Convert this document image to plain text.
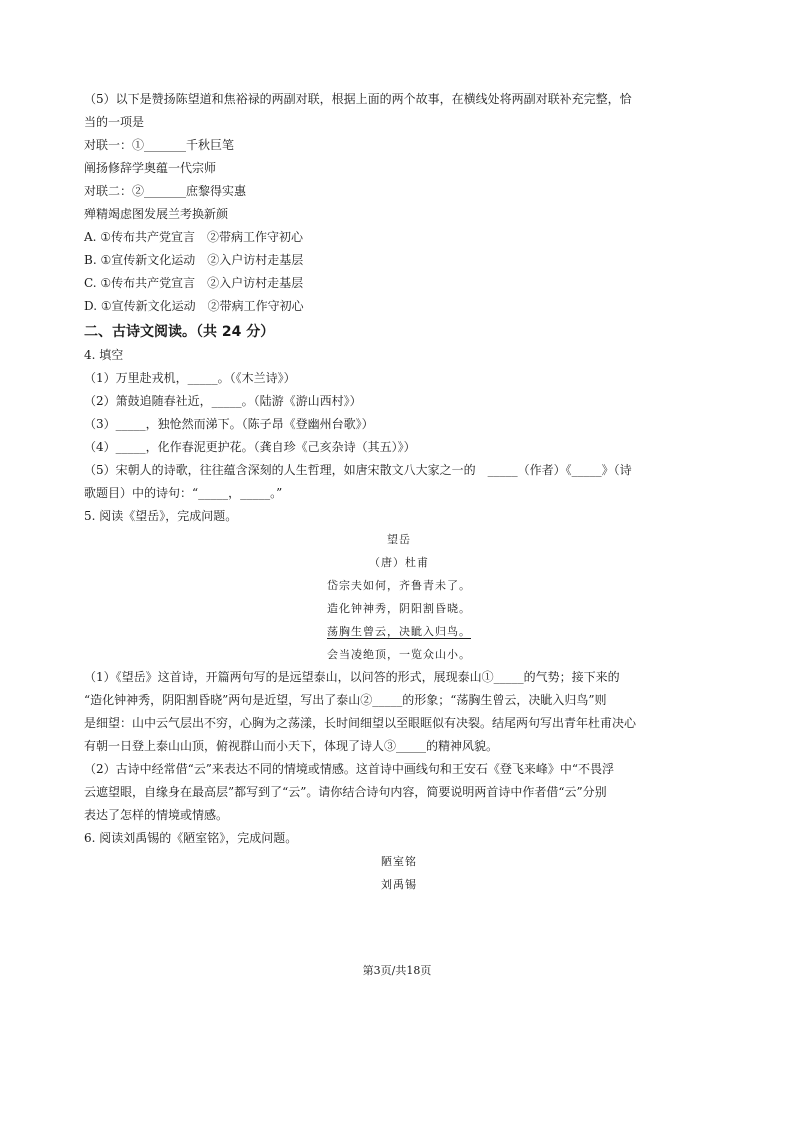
（5）以下是赞扬陈望道和焦裕禄的两副对联，根据上面的两个故事，在横线处将两副对联补充完整，恰
当的一项是
对联一：①_______千秋巨笔
阐扬修辞学奥蕴一代宗师
对联二：②_______庶黎得实惠
殚精竭虑图发展兰考换新颜
A. ①传布共产党宣言　②带病工作守初心
B. ①宣传新文化运动　②入户访村走基层
C. ①传布共产党宣言　②入户访村走基层
D. ①宣传新文化运动　②带病工作守初心
二、古诗文阅读。（共 24 分）
4. 填空
（1）万里赴戎机，_____。（《木兰诗》）
（2）箫鼓追随春社近，_____。（陆游《游山西村》）
（3）_____，独怆然而涕下。（陈子昂《登幽州台歌》）
（4）_____，化作春泥更护花。（龚自珍《己亥杂诗（其五）》）
（5）宋朝人的诗歌，往往蕴含深刻的人生哲理，如唐宋散文八大家之一的　_____（作者）《_____》（诗
歌题目）中的诗句：“_____，_____。”
5. 阅读《望岳》，完成问题。
望岳
（唐）杜甫
岱宗夫如何，齐鲁青未了。
造化钟神秀，阴阳割昏晓。
荡胸生曾云，决眦入归鸟。
会当凌绝顶，一览众山小。
（1）《望岳》这首诗，开篇两句写的是远望泰山，以问答的形式，展现泰山①_____的气势；接下来的
“造化钟神秀，阴阳割昏晓”两句是近望，写出了泰山②_____的形象；“荡胸生曾云，决眦入归鸟”则
是细望：山中云气层出不穷，心胸为之荡漾，长时间细望以至眼眶似有决裂。结尾两句写出青年杜甫决心
有朝一日登上泰山山顶，俯视群山而小天下，体现了诗人③_____的精神风貌。
（2）古诗中经常借“云”来表达不同的情境或情感。这首诗中画线句和王安石《登飞来峰》中“不畏浮
云遮望眼，自缘身在最高层”都写到了“云”。请你结合诗句内容，简要说明两首诗中作者借“云”分别
表达了怎样的情境或情感。
6. 阅读刘禹锡的《陋室铭》，完成问题。
陋室铭
刘禹锡
第3页/共18页
